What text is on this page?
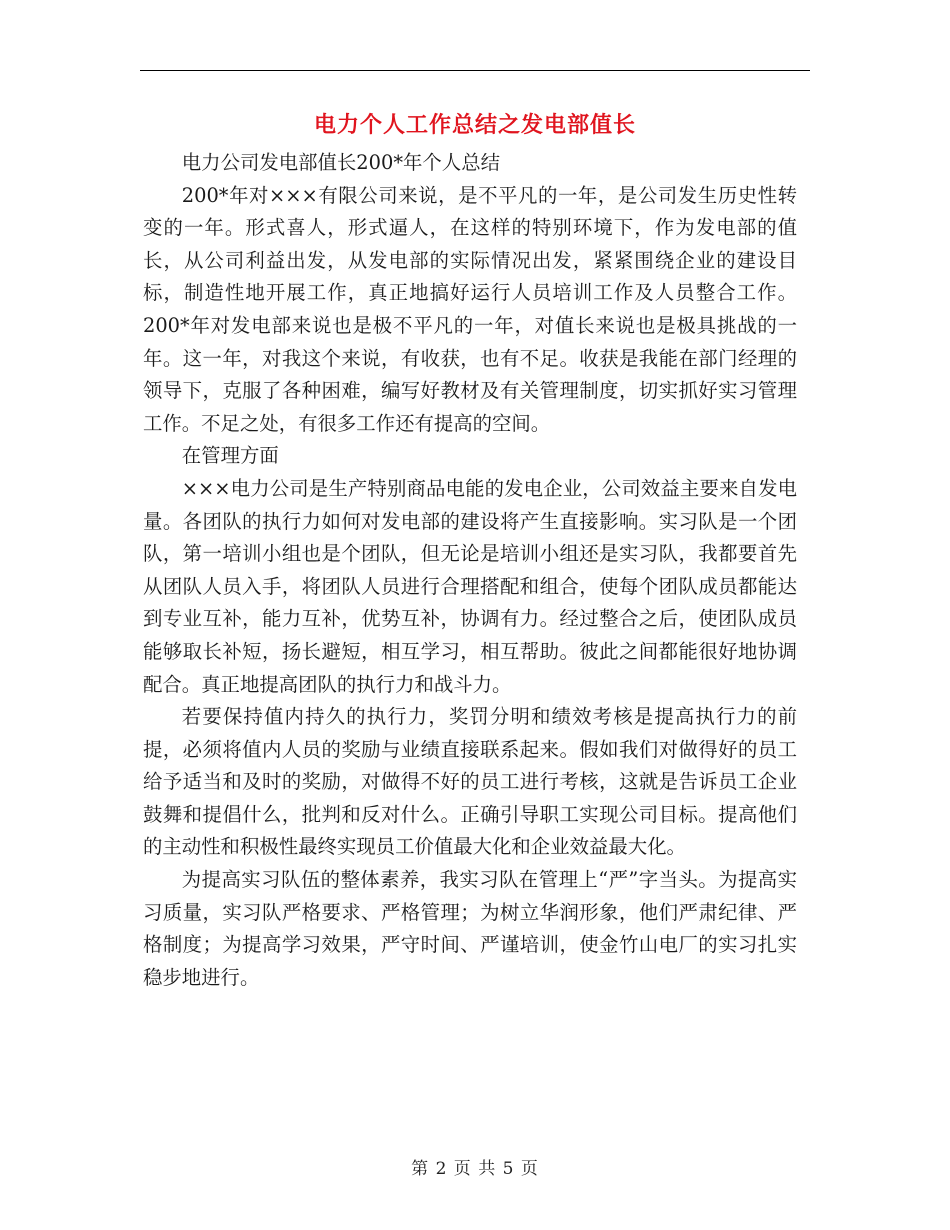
电力个人工作总结之发电部值长

电力公司发电部值长200*年个人总结

200*年对×××有限公司来说，是不平凡的一年，是公司发生历史性转变的一年。形式喜人，形式逼人，在这样的特别环境下，作为发电部的值长，从公司利益出发，从发电部的实际情况出发，紧紧围绕企业的建设目标，制造性地开展工作，真正地搞好运行人员培训工作及人员整合工作。200*年对发电部来说也是极不平凡的一年，对值长来说也是极具挑战的一年。这一年，对我这个来说，有收获，也有不足。收获是我能在部门经理的领导下，克服了各种困难，编写好教材及有关管理制度，切实抓好实习管理工作。不足之处，有很多工作还有提高的空间。

在管理方面

×××电力公司是生产特别商品电能的发电企业，公司效益主要来自发电量。各团队的执行力如何对发电部的建设将产生直接影响。实习队是一个团队，第一培训小组也是个团队，但无论是培训小组还是实习队，我都要首先从团队人员入手，将团队人员进行合理搭配和组合，使每个团队成员都能达到专业互补，能力互补，优势互补，协调有力。经过整合之后，使团队成员能够取长补短，扬长避短，相互学习，相互帮助。彼此之间都能很好地协调配合。真正地提高团队的执行力和战斗力。

若要保持值内持久的执行力，奖罚分明和绩效考核是提高执行力的前提，必须将值内人员的奖励与业绩直接联系起来。假如我们对做得好的员工给予适当和及时的奖励，对做得不好的员工进行考核，这就是告诉员工企业鼓舞和提倡什么，批判和反对什么。正确引导职工实现公司目标。提高他们的主动性和积极性最终实现员工价值最大化和企业效益最大化。

为提高实习队伍的整体素养，我实习队在管理上“严”字当头。为提高实习质量，实习队严格要求、严格管理；为树立华润形象，他们严肃纪律、严格制度；为提高学习效果，严守时间、严谨培训，使金竹山电厂的实习扎实稳步地进行。

第 2 页 共 5 页
